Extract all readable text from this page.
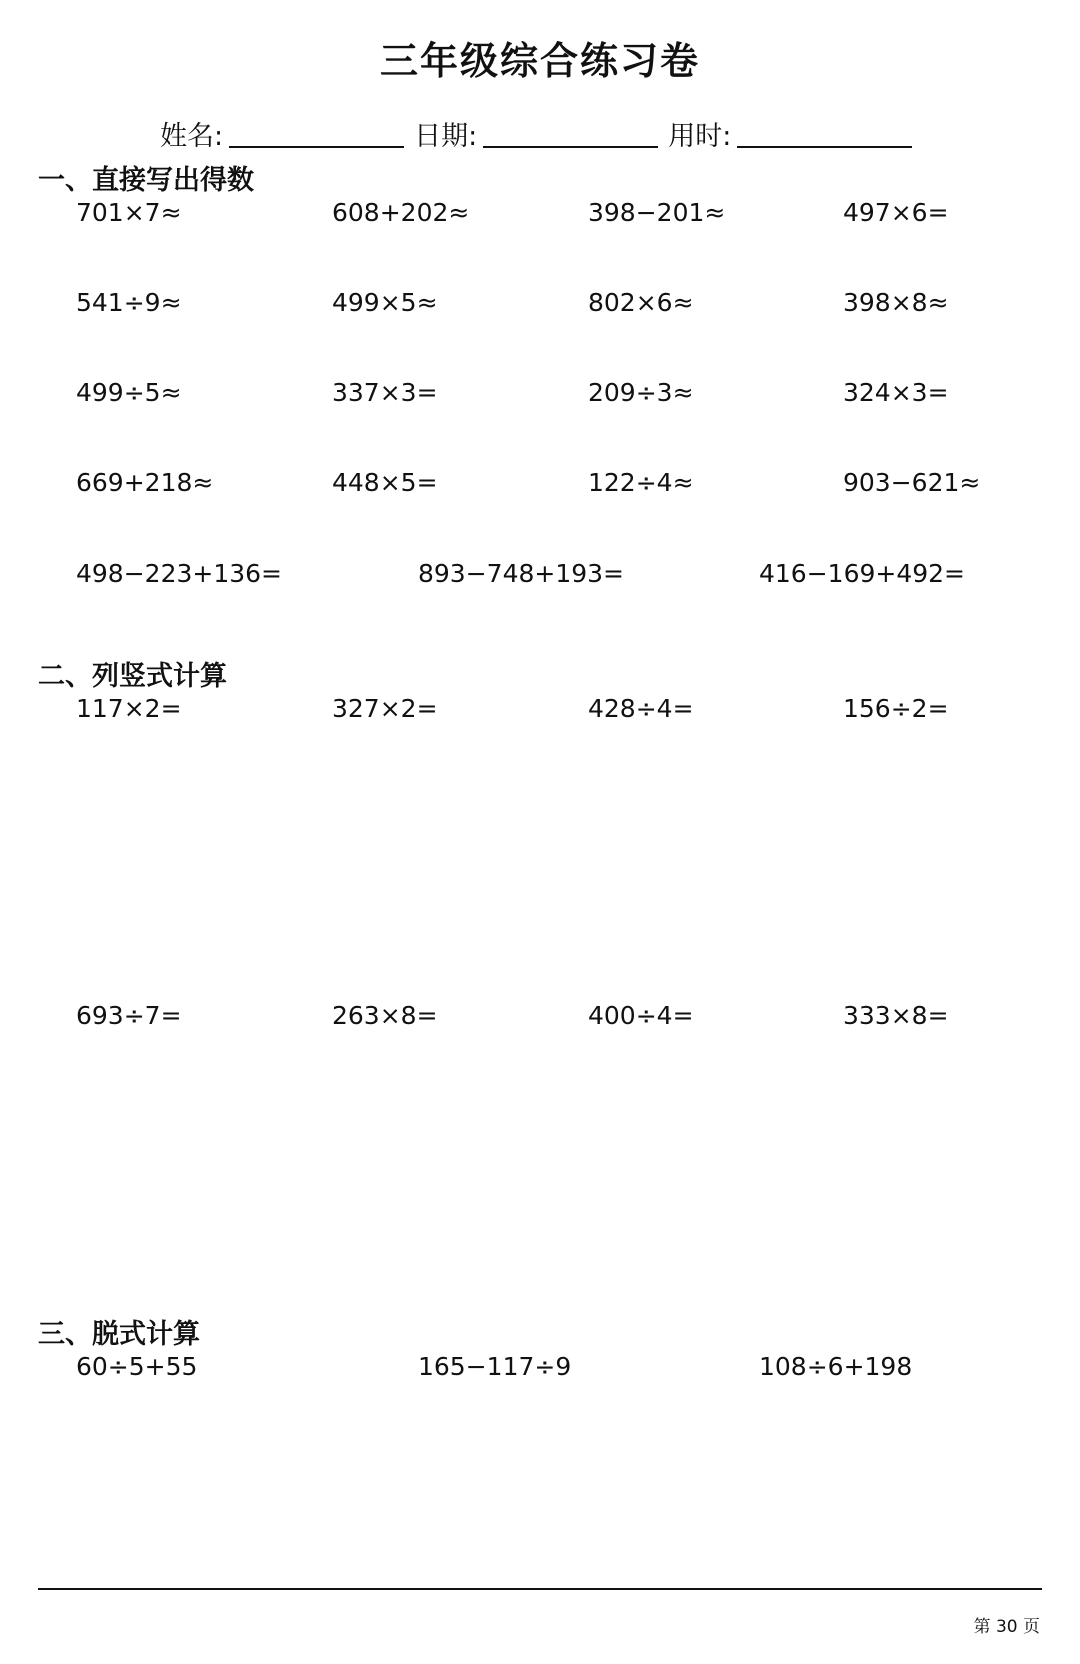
三年级综合练习卷
姓名:	日期:	用时:
一、直接写出得数
701×7≈	608+202≈	398−201≈	497×6=
541÷9≈	499×5≈	802×6≈	398×8≈
499÷5≈	337×3=	209÷3≈	324×3=
669+218≈	448×5=	122÷4≈	903−621≈
498−223+136=	893−748+193=	416−169+492=
二、列竖式计算
117×2=	327×2=	428÷4=	156÷2=
693÷7=	263×8=	400÷4=	333×8=
三、脱式计算
60÷5+55	165−117÷9	108÷6+198
第 30 页
